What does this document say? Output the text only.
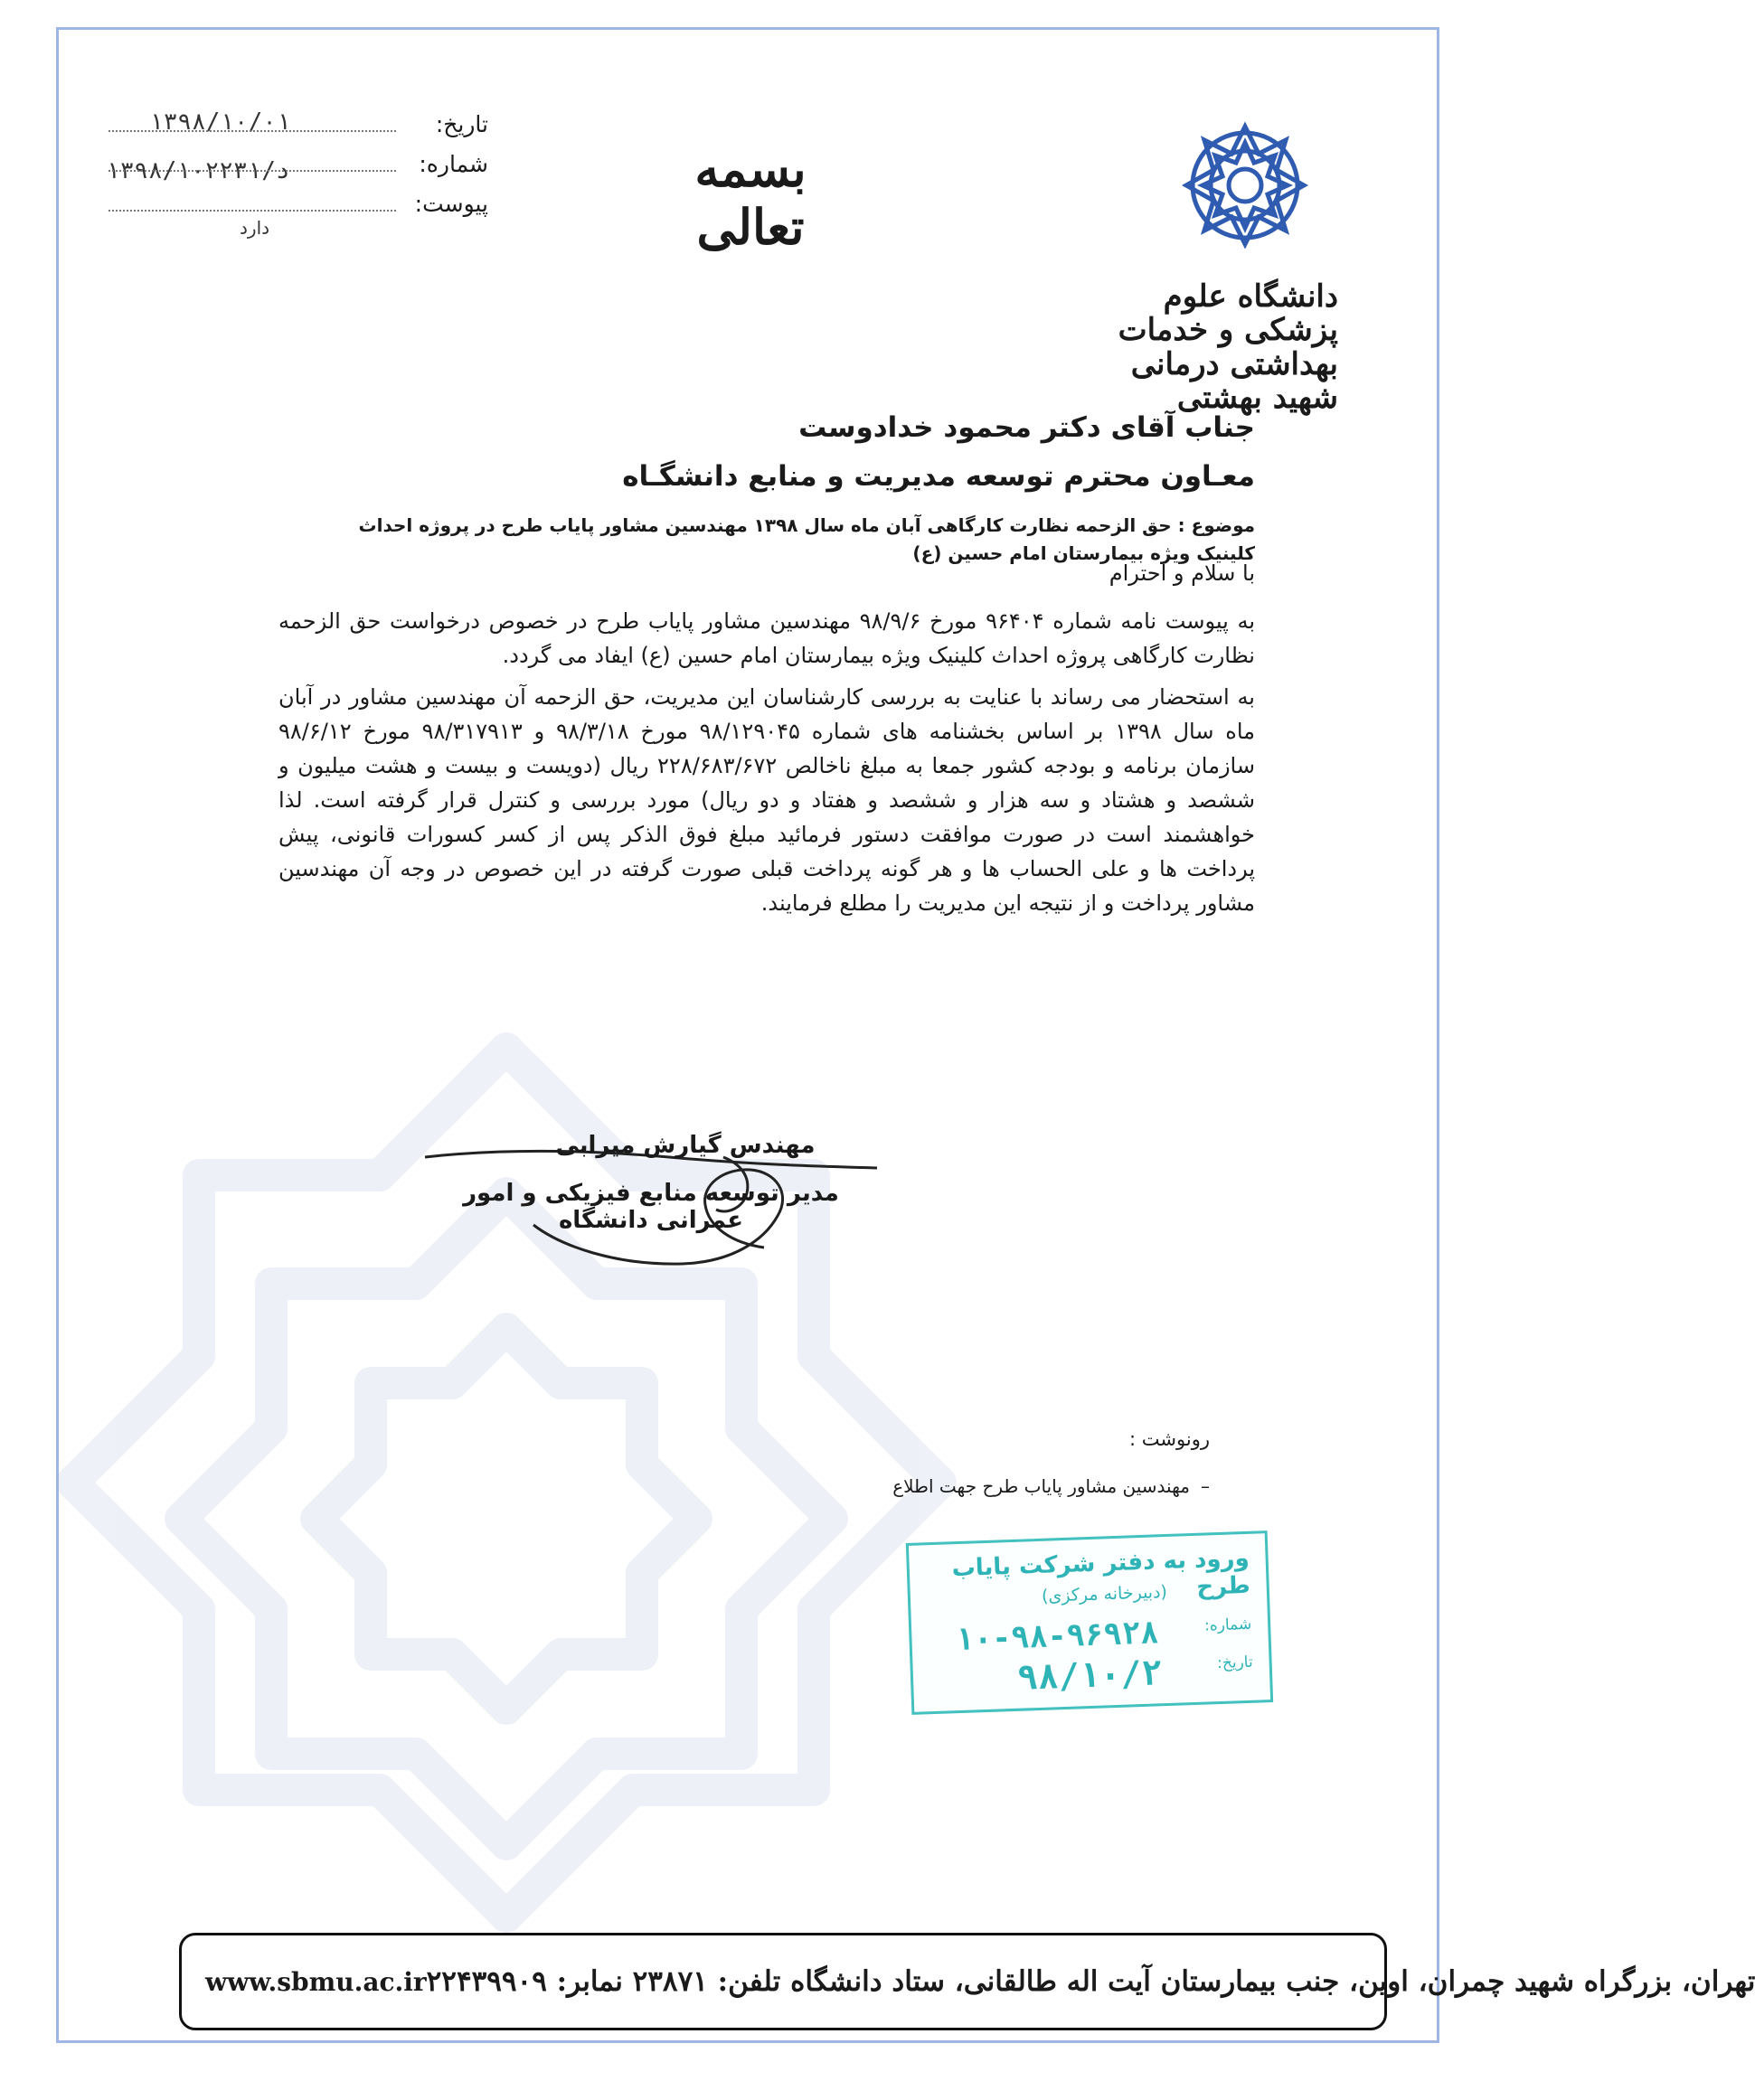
۱۳۹۸/۱۰/۰۱
۱۳۹۸/د/۱۰۲۲۳۱
دارد
تاریخ:
شماره:
پیوست:
بسمه تعالی
دانشگاه علوم پزشکی و خدمات بهداشتی درمانی شهید بهشتی
جناب آقای دکتر محمود خدادوست
معـاون محترم توسعه مدیریت و منابع دانشگـاه
موضوع : حق الزحمه نظارت کارگاهی آبان ماه سال ۱۳۹۸ مهندسین مشاور پایاب طرح در پروژه احداث کلینیک ویژه بیمارستان امام حسین (ع)
با سلام و احترام

به پیوست نامه شماره ۹۶۴۰۴ مورخ ۹۸/۹/۶ مهندسین مشاور پایاب طرح در خصوص درخواست حق الزحمه نظارت کارگاهی پروژه احداث کلینیک ویژه بیمارستان امام حسین (ع) ایفاد می گردد.

به استحضار می رساند با عنایت به بررسی کارشناسان این مدیریت، حق الزحمه آن مهندسین مشاور در آبان ماه سال ۱۳۹۸ بر اساس بخشنامه های شماره ۹۸/۱۲۹۰۴۵ مورخ ۹۸/۳/۱۸ و ۹۸/۳۱۷۹۱۳ مورخ ۹۸/۶/۱۲ سازمان برنامه و بودجه کشور جمعا به مبلغ ناخالص ۲۲۸/۶۸۳/۶۷۲ ریال (دویست و بیست و هشت میلیون و ششصد و هشتاد و سه هزار و ششصد و هفتاد و دو ریال) مورد بررسی و کنترل قرار گرفته است. لذا خواهشمند است در صورت موافقت دستور فرمائید مبلغ فوق الذکر پس از کسر کسورات قانونی، پیش پرداخت ها و علی الحساب ها و هر گونه پرداخت قبلی صورت گرفته در این خصوص در وجه آن مهندسین مشاور پرداخت و از نتیجه این مدیریت را مطلع فرمایند.

مهندس گیارش میرابی
مدیر توسعه منابع فیزیکی و امور عمرانی دانشگاه
رونوشت :
–
مهندسین مشاور پایاب طرح جهت اطلاع
ورود به دفتر شرکت پایاب طرح
(دبیرخانه مرکزی)
شماره:
تاریخ:
۱۰-۹۸-۹۶۹۲۸
۹۸/۱۰/۲
www.sbmu.ac.ir تهران، بزرگراه شهید چمران، اوین، جنب بیمارستان آیت اله طالقانی، ستاد دانشگاه تلفن: ۲۳۸۷۱ نمابر: ۲۲۴۳۹۹۰۹
